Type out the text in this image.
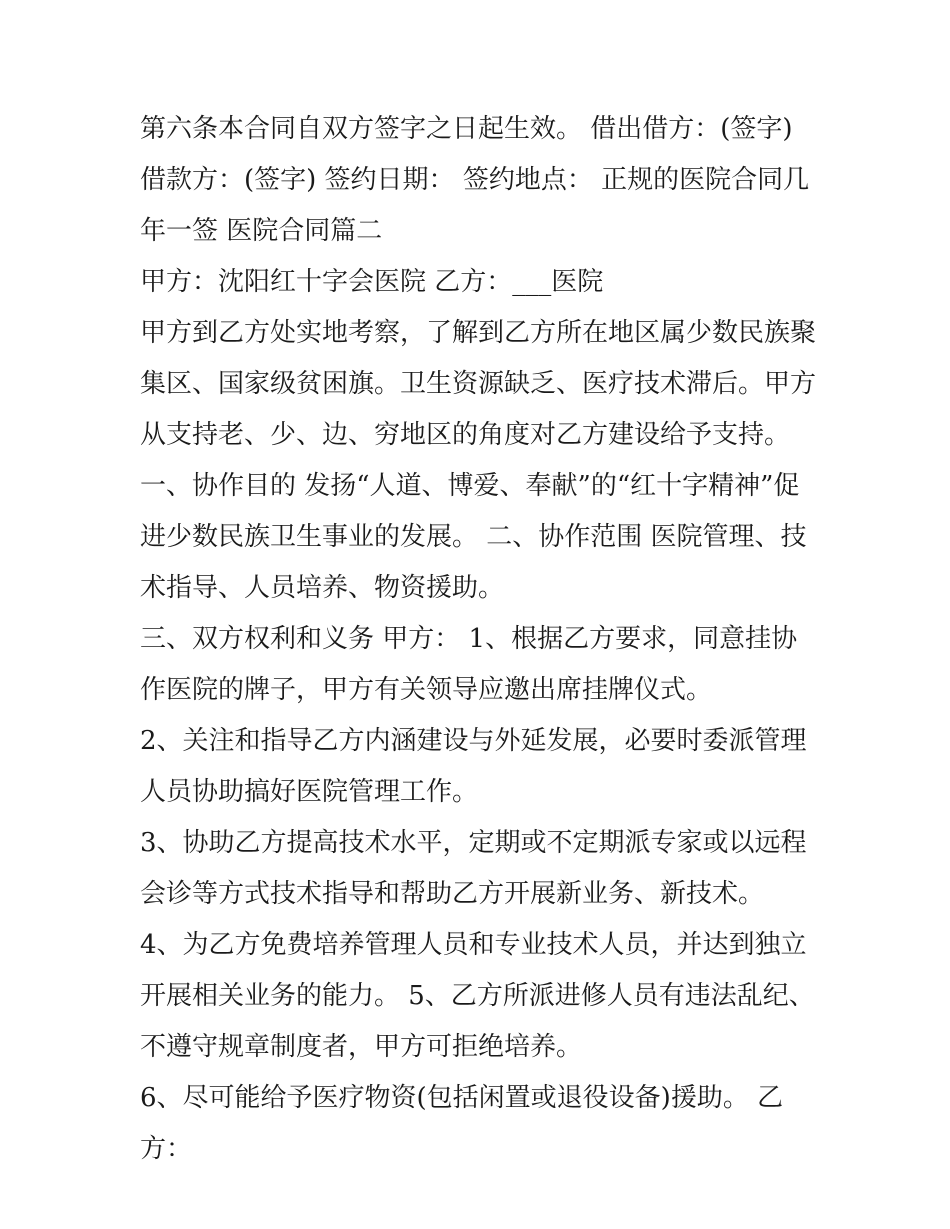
第六条本合同自双方签字之日起生效。 借出借方：(签字) 借款方：(签字) 签约日期： 签约地点： 正规的医院合同几年一签 医院合同篇二

甲方：沈阳红十字会医院 乙方：___医院

甲方到乙方处实地考察，了解到乙方所在地区属少数民族聚集区、国家级贫困旗。卫生资源缺乏、医疗技术滞后。甲方从支持老、少、边、穷地区的角度对乙方建设给予支持。

一、协作目的 发扬“人道、博爱、奉献”的“红十字精神”促进少数民族卫生事业的发展。 二、协作范围 医院管理、技术指导、人员培养、物资援助。

三、双方权利和义务 甲方： 1、根据乙方要求，同意挂协作医院的牌子，甲方有关领导应邀出席挂牌仪式。

2、关注和指导乙方内涵建设与外延发展，必要时委派管理人员协助搞好医院管理工作。

3、协助乙方提高技术水平，定期或不定期派专家或以远程会诊等方式技术指导和帮助乙方开展新业务、新技术。

4、为乙方免费培养管理人员和专业技术人员，并达到独立开展相关业务的能力。 5、乙方所派进修人员有违法乱纪、不遵守规章制度者，甲方可拒绝培养。

6、尽可能给予医疗物资(包括闲置或退役设备)援助。 乙方：
